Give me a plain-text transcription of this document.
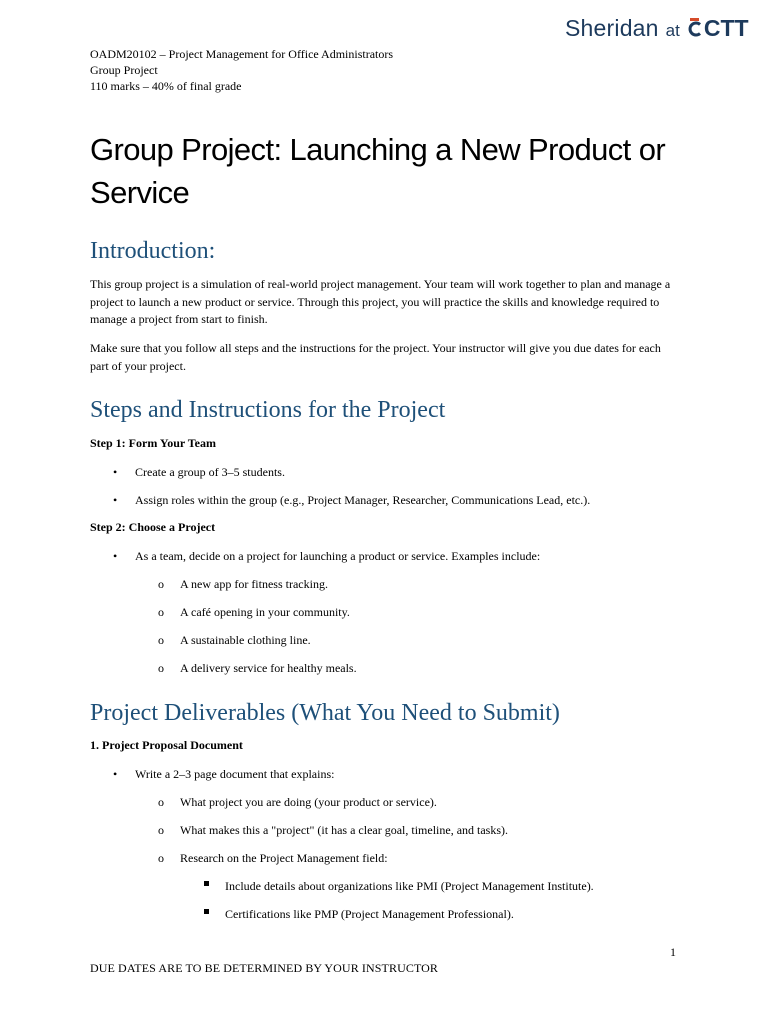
Sheridan at CTT
OADM20102 – Project Management for Office Administrators
Group Project
110 marks – 40% of final grade
Group Project: Launching a New Product or Service
Introduction:

This group project is a simulation of real-world project management. Your team will work together to plan and manage a project to launch a new product or service. Through this project, you will practice the skills and knowledge required to manage a project from start to finish.

Make sure that you follow all steps and the instructions for the project. Your instructor will give you due dates for each part of your project.

Steps and Instructions for the Project
Step 1: Form Your Team
• Create a group of 3–5 students.
• Assign roles within the group (e.g., Project Manager, Researcher, Communications Lead, etc.).
Step 2: Choose a Project
• As a team, decide on a project for launching a product or service. Examples include:
o A new app for fitness tracking.
o A café opening in your community.
o A sustainable clothing line.
o A delivery service for healthy meals.
Project Deliverables (What You Need to Submit)
1. Project Proposal Document
• Write a 2–3 page document that explains:
o What project you are doing (your product or service).
o What makes this a "project" (it has a clear goal, timeline, and tasks).
o Research on the Project Management field:
Include details about organizations like PMI (Project Management Institute).
Certifications like PMP (Project Management Professional).
1
DUE DATES ARE TO BE DETERMINED BY YOUR INSTRUCTOR
